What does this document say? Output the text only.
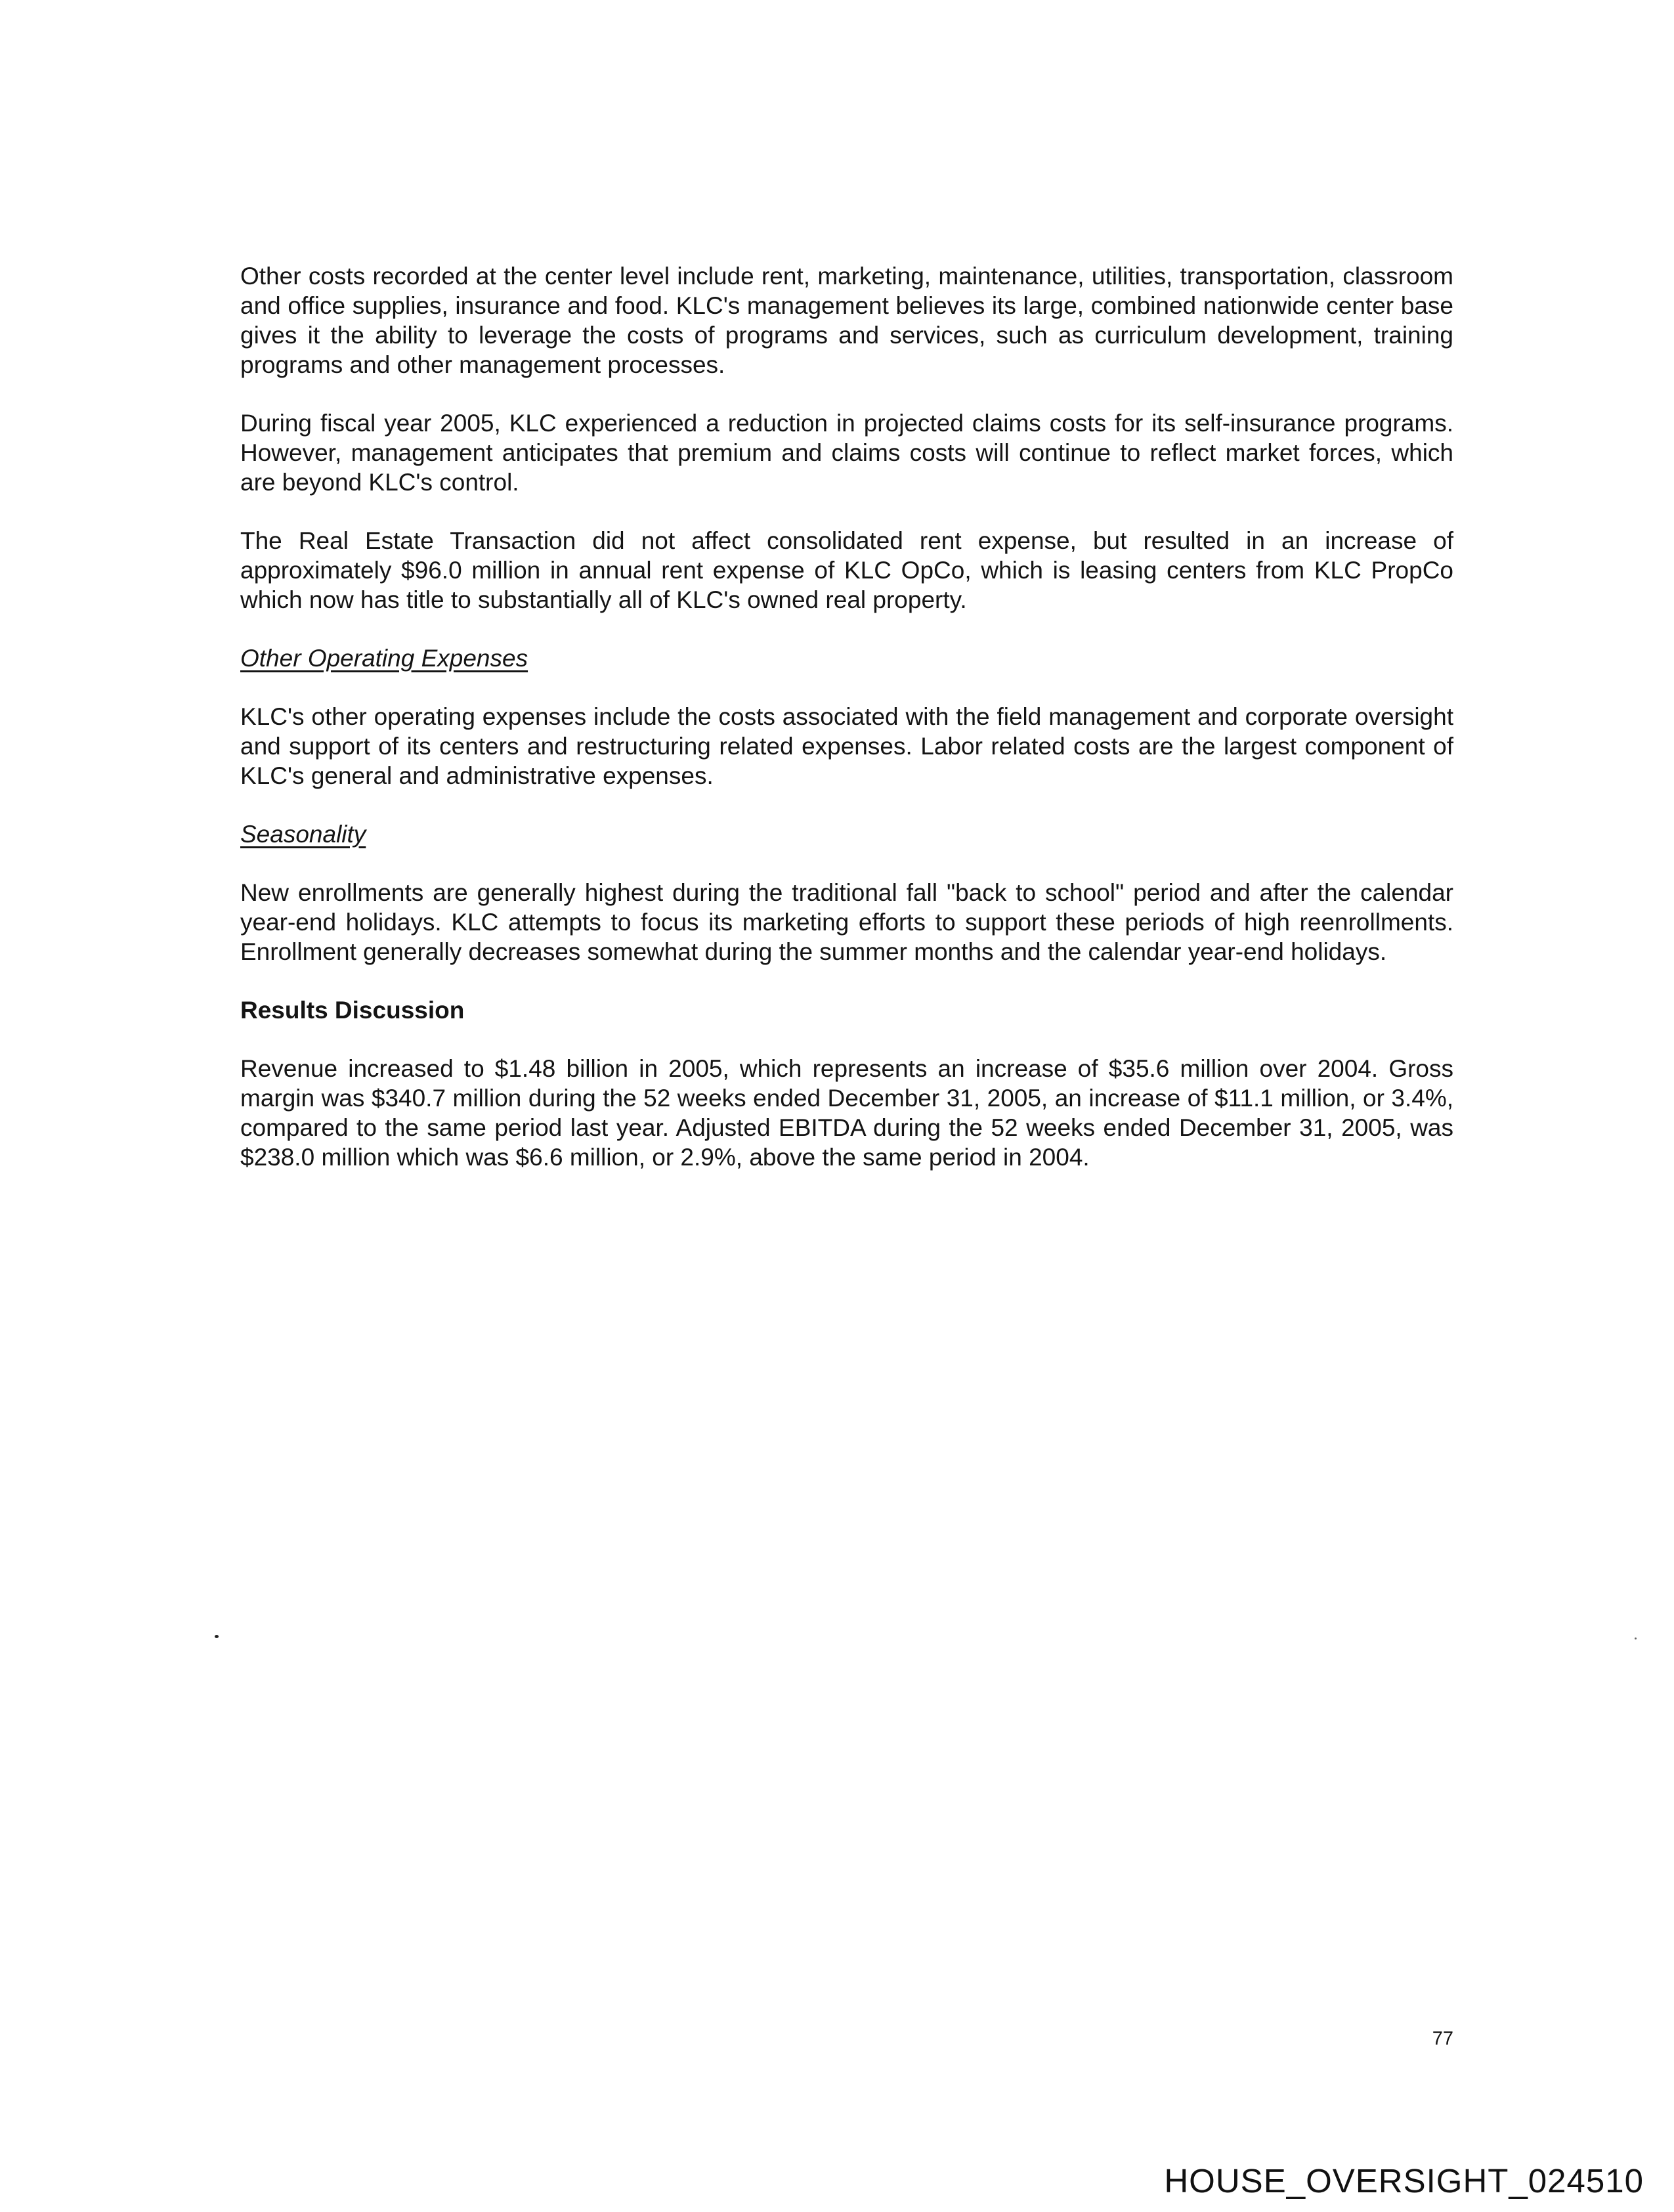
Other costs recorded at the center level include rent, marketing, maintenance, utilities, transportation, classroom and office supplies, insurance and food. KLC's management believes its large, combined nationwide center base gives it the ability to leverage the costs of programs and services, such as curriculum development, training programs and other management processes.

During fiscal year 2005, KLC experienced a reduction in projected claims costs for its self-insurance programs. However, management anticipates that premium and claims costs will continue to reflect market forces, which are beyond KLC's control.

The Real Estate Transaction did not affect consolidated rent expense, but resulted in an increase of approximately $96.0 million in annual rent expense of KLC OpCo, which is leasing centers from KLC PropCo which now has title to substantially all of KLC's owned real property.

Other Operating Expenses

KLC's other operating expenses include the costs associated with the field management and corporate oversight and support of its centers and restructuring related expenses. Labor related costs are the largest component of KLC's general and administrative expenses.

Seasonality

New enrollments are generally highest during the traditional fall "back to school" period and after the calendar year-end holidays. KLC attempts to focus its marketing efforts to support these periods of high reenrollments. Enrollment generally decreases somewhat during the summer months and the calendar year-end holidays.

Results Discussion

Revenue increased to $1.48 billion in 2005, which represents an increase of $35.6 million over 2004. Gross margin was $340.7 million during the 52 weeks ended December 31, 2005, an increase of $11.1 million, or 3.4%, compared to the same period last year. Adjusted EBITDA during the 52 weeks ended December 31, 2005, was $238.0 million which was $6.6 million, or 2.9%, above the same period in 2004.

77
HOUSE_OVERSIGHT_024510
